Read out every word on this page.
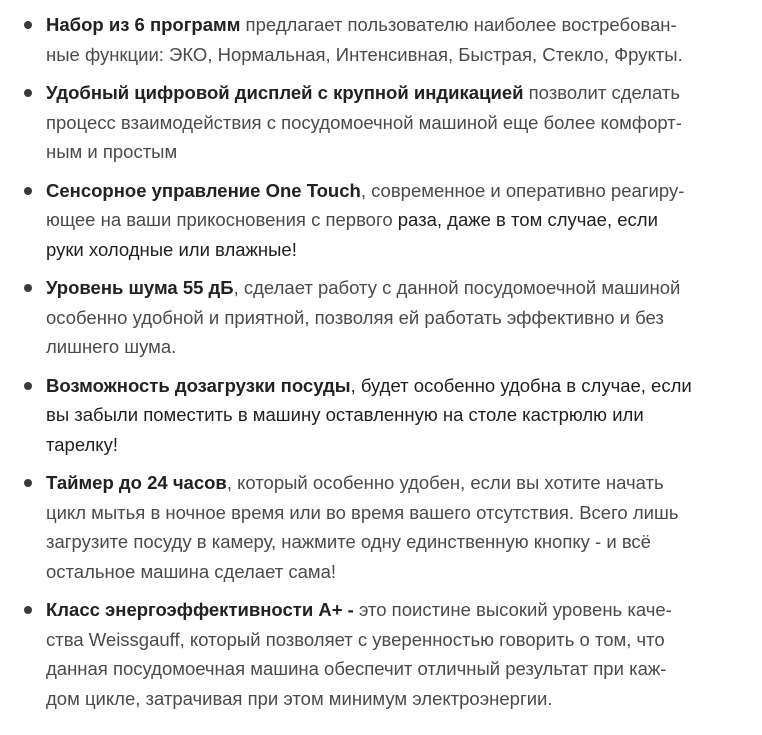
Набор из 6 программ предлагает пользователю наиболее востребован-
ные функции: ЭКО, Нормальная, Интенсивная, Быстрая, Стекло, Фрукты.
Удобный цифровой дисплей с крупной индикацией позволит сделать
процесс взаимодействия с посудомоечной машиной еще более комфорт-
ным и простым
Сенсорное управление One Touch, современное и оперативно реагиру-
ющее на ваши прикосновения с первого раза, даже в том случае, если
руки холодные или влажные!
Уровень шума 55 дБ, сделает работу с данной посудомоечной машиной
особенно удобной и приятной, позволяя ей работать эффективно и без
лишнего шума.
Возможность дозагрузки посуды, будет особенно удобна в случае, если
вы забыли поместить в машину оставленную на столе кастрюлю или
тарелку!
Таймер до 24 часов, который особенно удобен, если вы хотите начать
цикл мытья в ночное время или во время вашего отсутствия. Всего лишь
загрузите посуду в камеру, нажмите одну единственную кнопку - и всё
остальное машина сделает сама!
Класс энергоэффективности A+ - это поистине высокий уровень каче-
ства Weissgauff, который позволяет с уверенностью говорить о том, что
данная посудомоечная машина обеспечит отличный результат при каж-
дом цикле, затрачивая при этом минимум электроэнергии.
